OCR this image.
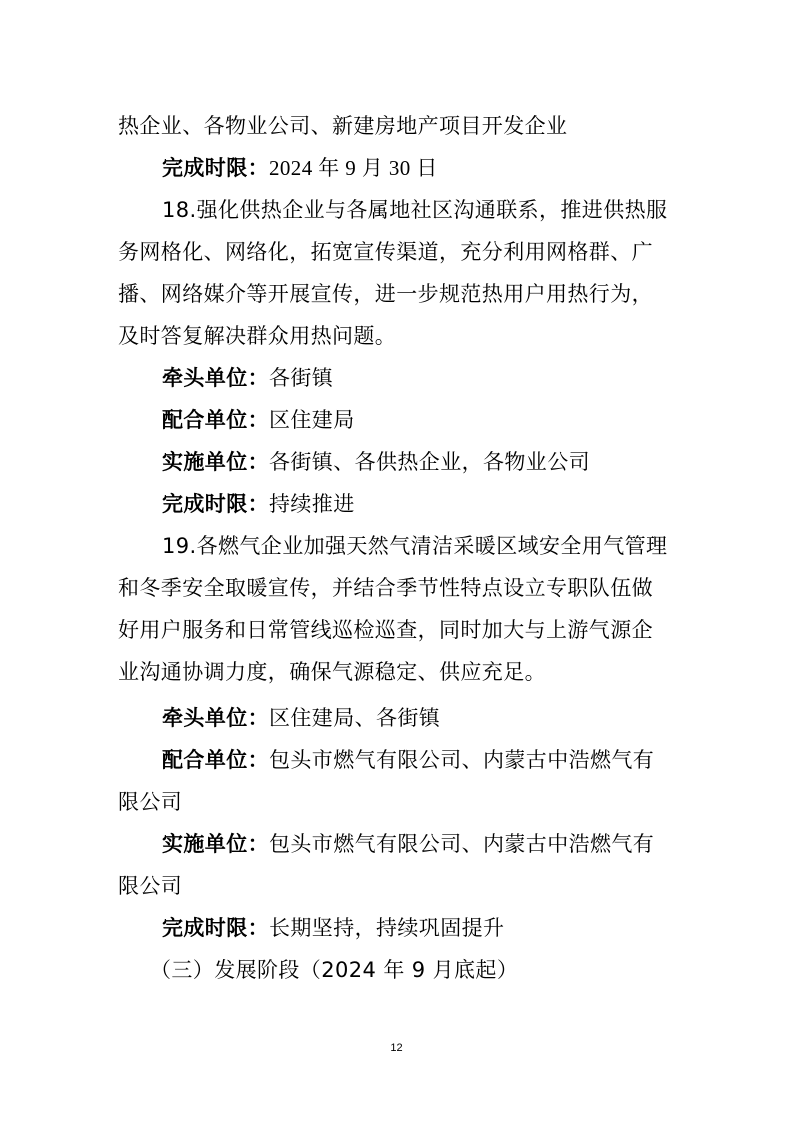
热企业、各物业公司、新建房地产项目开发企业
完成时限：2024 年 9 月 30 日
18.强化供热企业与各属地社区沟通联系，推进供热服
务网格化、网络化，拓宽宣传渠道，充分利用网格群、广
播、网络媒介等开展宣传，进一步规范热用户用热行为，
及时答复解决群众用热问题。
牵头单位：各街镇
配合单位：区住建局
实施单位：各街镇、各供热企业，各物业公司
完成时限：持续推进
19.各燃气企业加强天然气清洁采暖区域安全用气管理
和冬季安全取暖宣传，并结合季节性特点设立专职队伍做
好用户服务和日常管线巡检巡查，同时加大与上游气源企
业沟通协调力度，确保气源稳定、供应充足。
牵头单位：区住建局、各街镇
配合单位：包头市燃气有限公司、内蒙古中浩燃气有
限公司
实施单位：包头市燃气有限公司、内蒙古中浩燃气有
限公司
完成时限：长期坚持，持续巩固提升
（三）发展阶段（2024 年 9 月底起）
12
